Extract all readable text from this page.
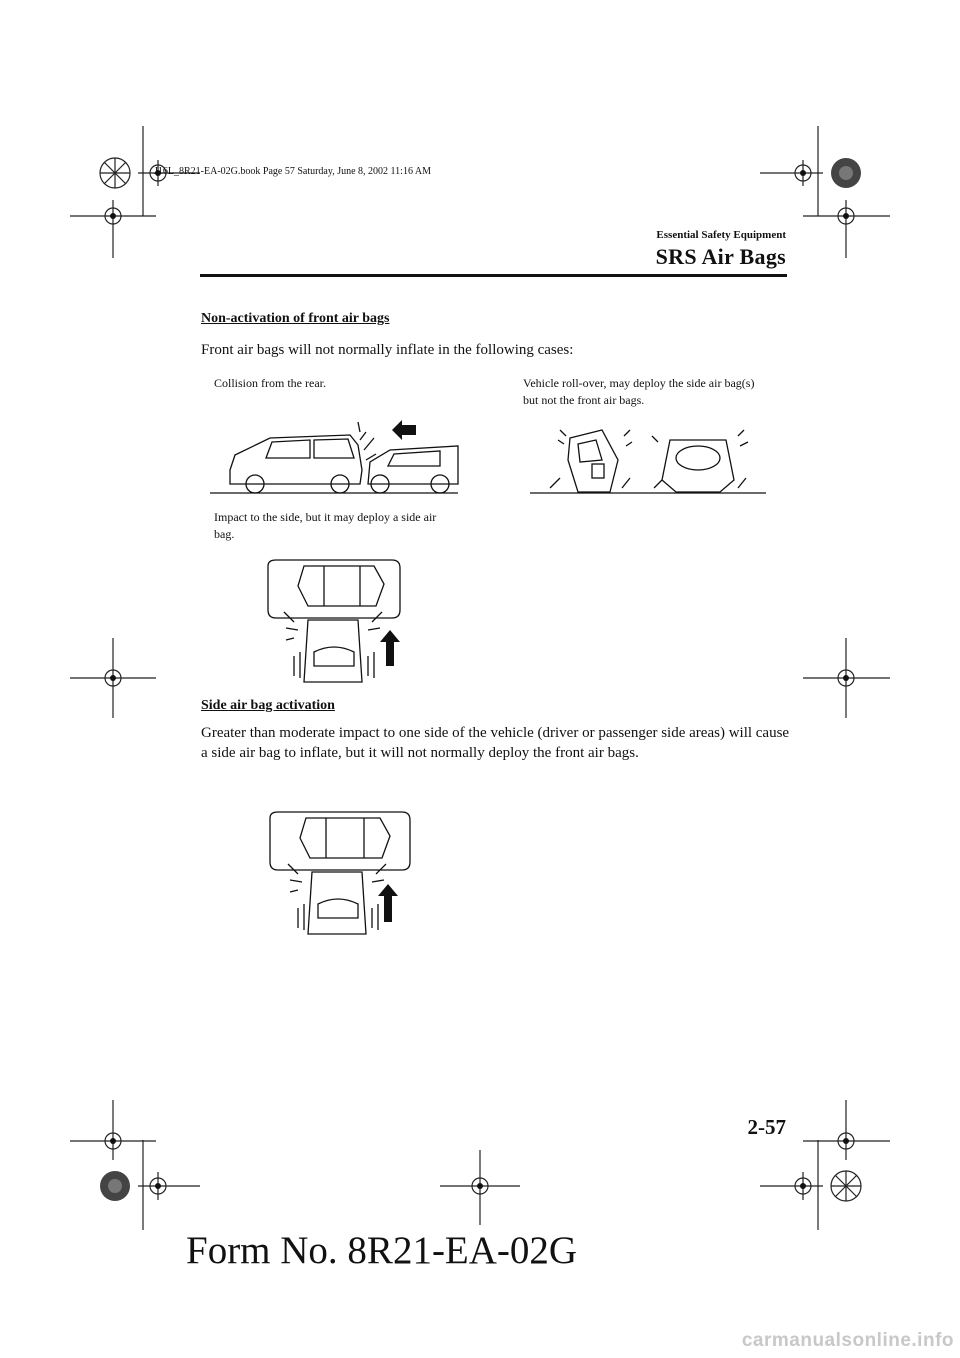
J16L_8R21-EA-02G.book Page 57 Saturday, June 8, 2002 11:16 AM
Essential Safety Equipment
SRS Air Bags
Non-activation of front air bags
Front air bags will not normally inflate in the following cases:
Collision from the rear.	Vehicle roll-over, may deploy the side air bag(s) but not the front air bags.
Impact to the side, but it may deploy a side air bag.
Side air bag activation
Greater than moderate impact to one side of the vehicle (driver or passenger side areas) will cause a side air bag to inflate, but it will not normally deploy the front air bags.
2-57
Form No. 8R21-EA-02G
carmanualsonline.info
